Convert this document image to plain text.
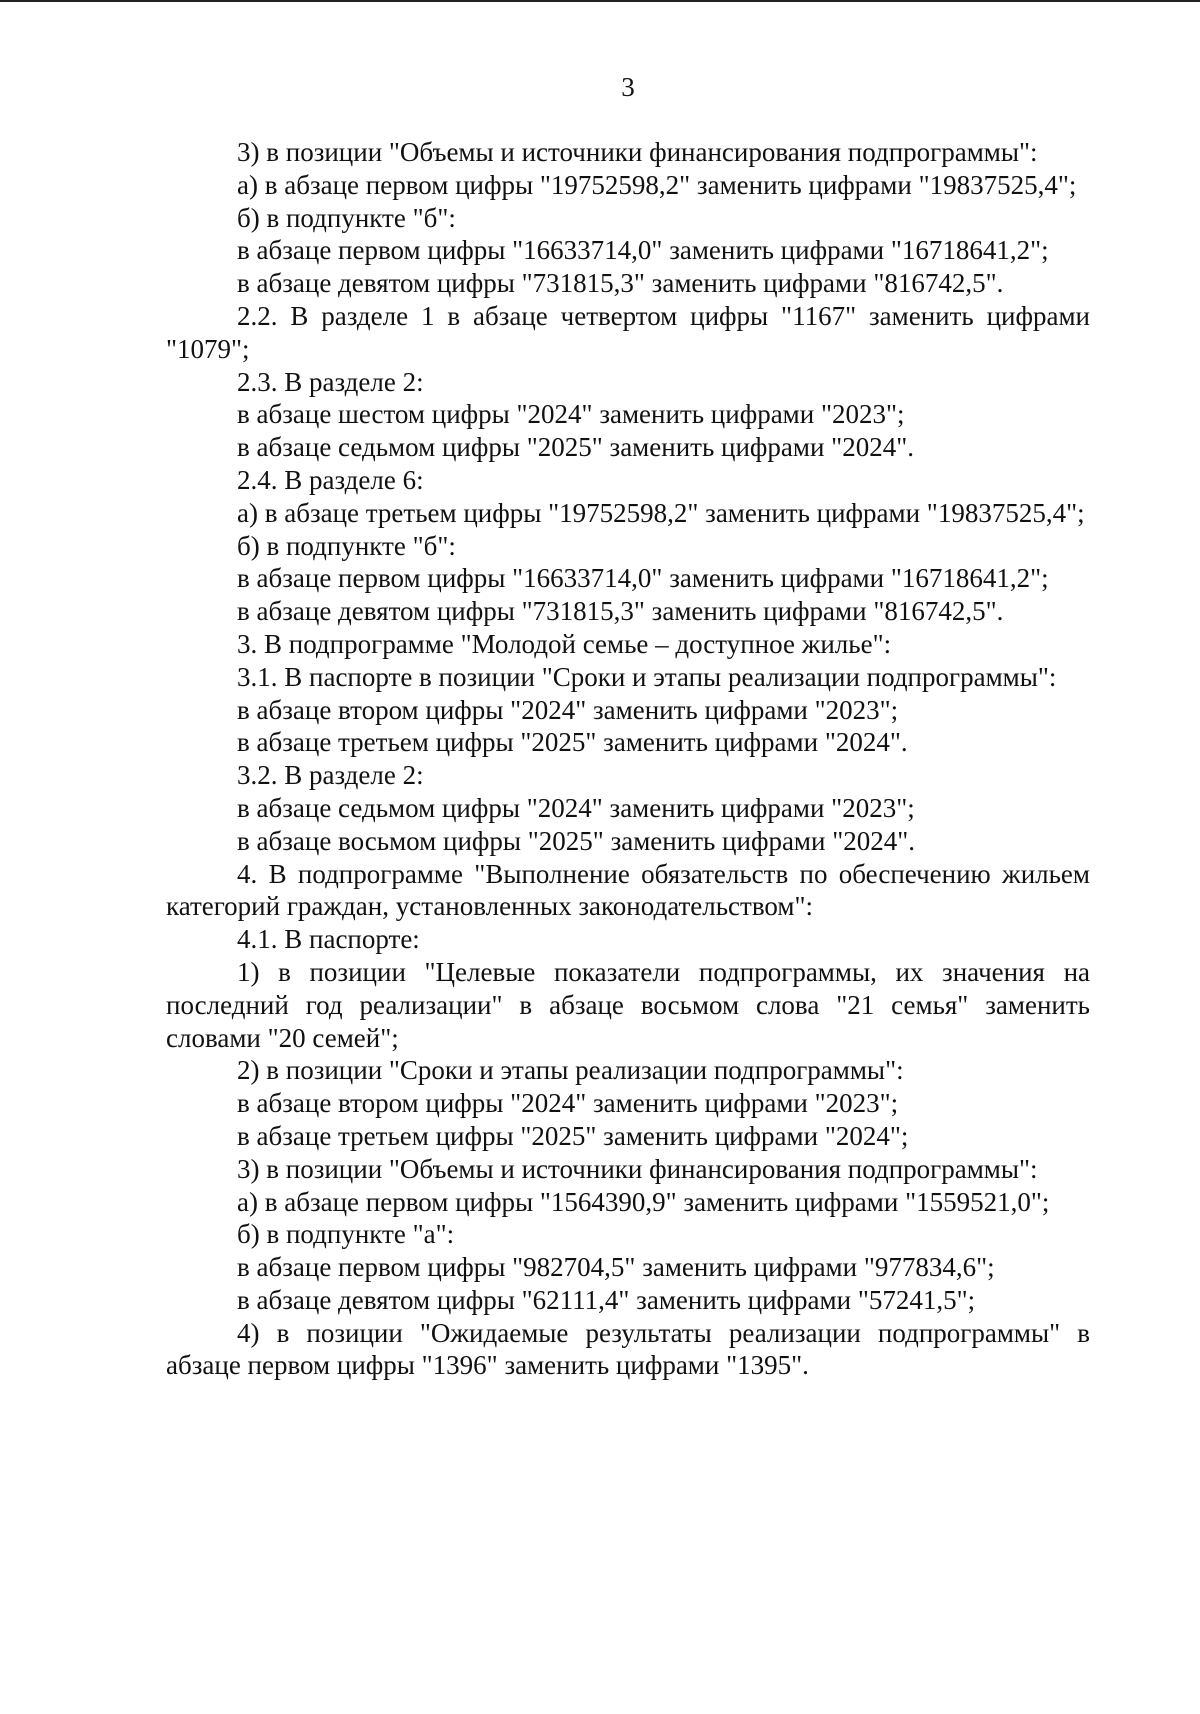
3

3) в позиции "Объемы и источники финансирования подпрограммы":

а) в абзаце первом цифры "19752598,2" заменить цифрами "19837525,4";

б) в подпункте "б":

в абзаце первом цифры "16633714,0" заменить цифрами "16718641,2";

в абзаце девятом цифры "731815,3" заменить цифрами "816742,5".

2.2. В разделе 1 в абзаце четвертом цифры "1167" заменить цифрами "1079";

2.3. В разделе 2:

в абзаце шестом цифры "2024" заменить цифрами "2023";

в абзаце седьмом цифры "2025" заменить цифрами "2024".

2.4. В разделе 6:

а) в абзаце третьем цифры "19752598,2" заменить цифрами "19837525,4";

б) в подпункте "б":

в абзаце первом цифры "16633714,0" заменить цифрами "16718641,2";

в абзаце девятом цифры "731815,3" заменить цифрами "816742,5".

3. В подпрограмме "Молодой семье – доступное жилье":

3.1. В паспорте в позиции "Сроки и этапы реализации подпрограммы":

в абзаце втором цифры "2024" заменить цифрами "2023";

в абзаце третьем цифры "2025" заменить цифрами "2024".

3.2. В разделе 2:

в абзаце седьмом цифры "2024" заменить цифрами "2023";

в абзаце восьмом цифры "2025" заменить цифрами "2024".

4. В подпрограмме "Выполнение обязательств по обеспечению жильем категорий граждан, установленных законодательством":

4.1. В паспорте:

1) в позиции "Целевые показатели подпрограммы, их значения на последний год реализации" в абзаце восьмом слова "21 семья" заменить словами "20 семей";

2) в позиции "Сроки и этапы реализации подпрограммы":

в абзаце втором цифры "2024" заменить цифрами "2023";

в абзаце третьем цифры "2025" заменить цифрами "2024";

3) в позиции "Объемы и источники финансирования подпрограммы":

а) в абзаце первом цифры "1564390,9" заменить цифрами "1559521,0";

б) в подпункте "а":

в абзаце первом цифры "982704,5" заменить цифрами "977834,6";

в абзаце девятом цифры "62111,4" заменить цифрами "57241,5";

4) в позиции "Ожидаемые результаты реализации подпрограммы" в абзаце первом цифры "1396" заменить цифрами "1395".
